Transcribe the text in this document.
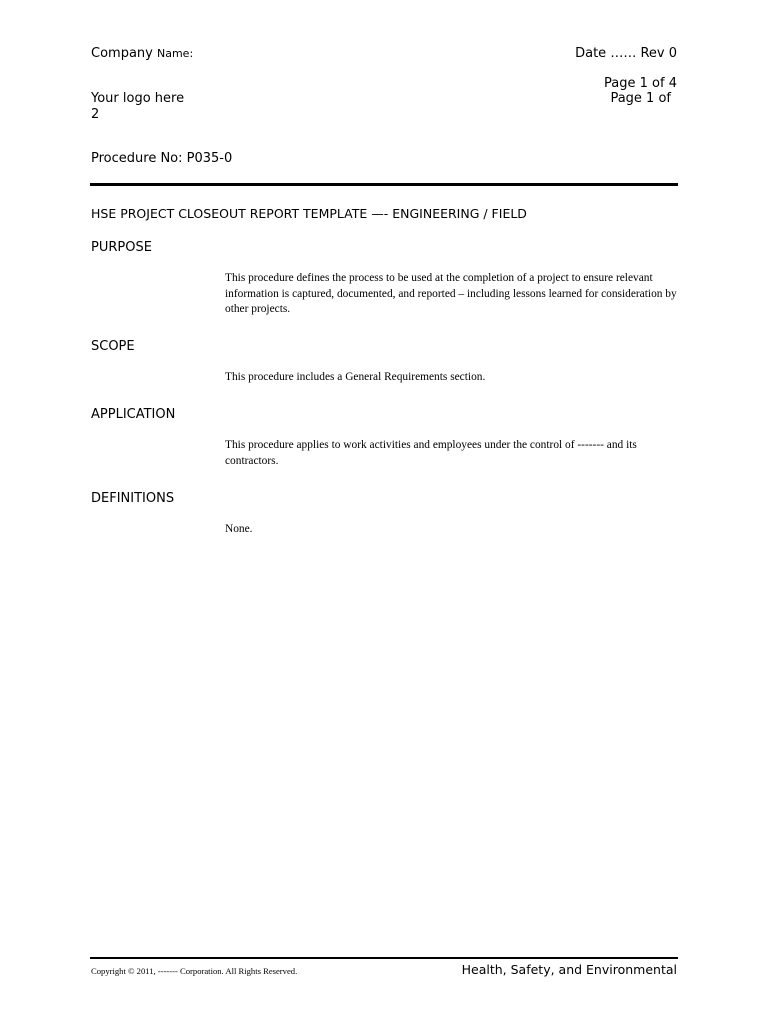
Company Name:	Date …… Rev 0
Page 1 of 4
Page 1 of
Your logo here
2
Procedure No: P035-0
HSE PROJECT CLOSEOUT REPORT TEMPLATE —- ENGINEERING / FIELD
PURPOSE
This procedure defines the process to be used at the completion of a project to ensure relevant information is captured, documented, and reported – including lessons learned for consideration by other projects.
SCOPE
This procedure includes a General Requirements section.
APPLICATION
This procedure applies to work activities and employees under the control of ------- and its contractors.
DEFINITIONS
None.
Copyright © 2011, ------- Corporation. All Rights Reserved.	Health, Safety, and Environmental
